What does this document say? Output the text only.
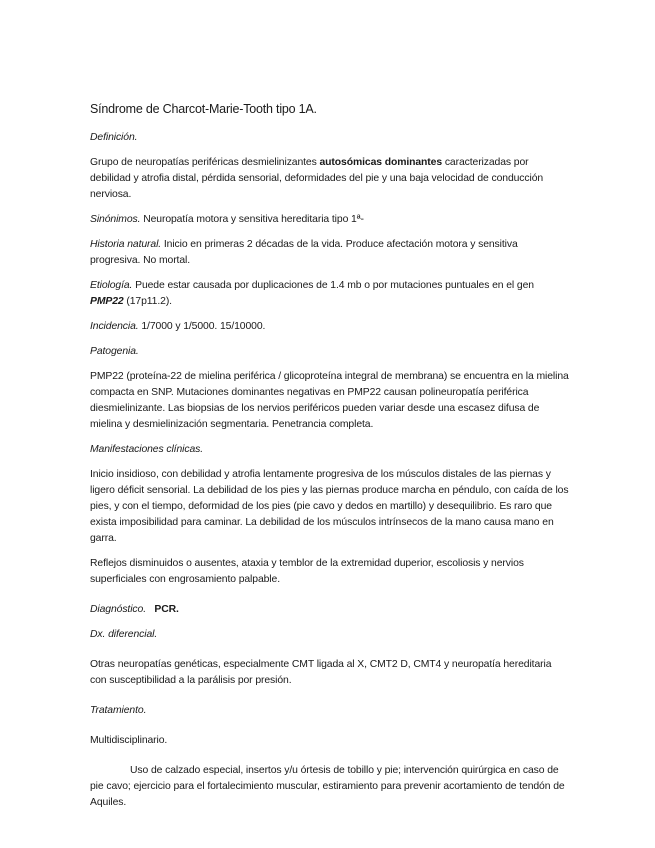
Síndrome de Charcot-Marie-Tooth tipo 1A.

Definición.

Grupo de neuropatías periféricas desmielinizantes autosómicas dominantes caracterizadas por debilidad y atrofia distal, pérdida sensorial, deformidades del pie y una baja velocidad de conducción nerviosa.

Sinónimos. Neuropatía motora y sensitiva hereditaria tipo 1ª-

Historia natural. Inicio en primeras 2 décadas de la vida. Produce afectación motora y sensitiva progresiva. No mortal.

Etiología. Puede estar causada por duplicaciones de 1.4 mb o por mutaciones puntuales en el gen PMP22 (17p11.2).

Incidencia. 1/7000 y 1/5000. 15/10000.

Patogenia.

PMP22 (proteína-22 de mielina periférica / glicoproteína integral de membrana) se encuentra en la mielina compacta en SNP. Mutaciones dominantes negativas en PMP22 causan polineuropatía periférica diesmielinizante. Las biopsias de los nervios periféricos pueden variar desde una escasez difusa de mielina y desmielinización segmentaria. Penetrancia completa.

Manifestaciones clínicas.

Inicio insidioso, con debilidad y atrofia lentamente progresiva de los músculos distales de las piernas y ligero déficit sensorial. La debilidad de los pies y las piernas produce marcha en péndulo, con caída de los pies, y con el tiempo, deformidad de los pies (pie cavo y dedos en martillo) y desequilibrio. Es raro que exista imposibilidad para caminar. La debilidad de los músculos intrínsecos de la mano causa mano en garra.

Reflejos disminuidos o ausentes, ataxia y temblor de la extremidad duperior, escoliosis y nervios superficiales con engrosamiento palpable.

Diagnóstico. PCR.

Dx. diferencial.

Otras neuropatías genéticas, especialmente CMT ligada al X, CMT2 D, CMT4 y neuropatía hereditaria con susceptibilidad a la parálisis por presión.

Tratamiento.

Multidisciplinario.

Uso de calzado especial, insertos y/u órtesis de tobillo y pie; intervención quirúrgica en caso de pie cavo; ejercicio para el fortalecimiento muscular, estiramiento para prevenir acortamiento de tendón de Aquiles.
